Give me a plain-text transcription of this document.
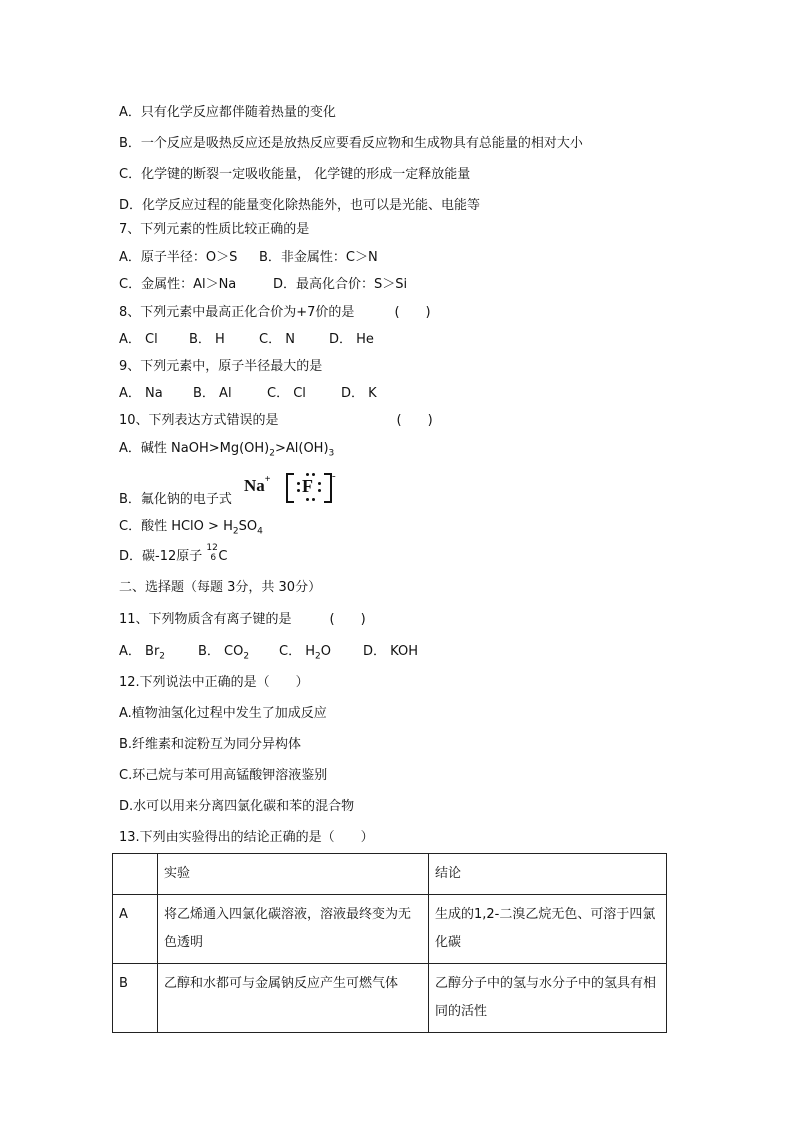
A．只有化学反应都伴随着热量的变化
B．一个反应是吸热反应还是放热反应要看反应物和生成物具有总能量的相对大小
C．化学键的断裂一定吸收能量， 化学键的形成一定释放能量
D．化学反应过程的能量变化除热能外，也可以是光能、电能等
7、下列元素的性质比较正确的是
A．原子半径：O＞S B．非金属性：C＞N
C．金属性：Al＞Na	D．最高化合价：S＞Si
8、下列元素中最高正化合价为+7价的是	(　　)
A． Cl B． H	C． N	D． He
9、下列元素中，原子半径最大的是
A． Na B． Al	C． Cl	D． K
10、下列表达方式错误的是	(　　)
A．碱性 $NaOH>Mg(OH)_2>Al(OH)_3$
B．氟化钠的电子式
Na+ F -
C．酸性 HClO > $H_2SO_4$
D．碳-12原子
12
6 C
二、选择题（每题 3分，共 30分）
11、下列物质含有离子键的是	(　　)
A． $Br_2$	B． $CO_2$ C． $H_2O$ D． KOH
12.下列说法中正确的是（　　）
A.植物油氢化过程中发生了加成反应
B.纤维素和淀粉互为同分异构体
C.环己烷与苯可用高锰酸钾溶液鉴别
D.水可以用来分离四氯化碳和苯的混合物
13.下列由实验得出的结论正确的是（　　）
	实验	结论
A	将乙烯通入四氯化碳溶液，溶液最终变为无色透明	生成的1,2-二溴乙烷无色、可溶于四氯化碳
B	乙醇和水都可与金属钠反应产生可燃气体	乙醇分子中的氢与水分子中的氢具有相同的活性
